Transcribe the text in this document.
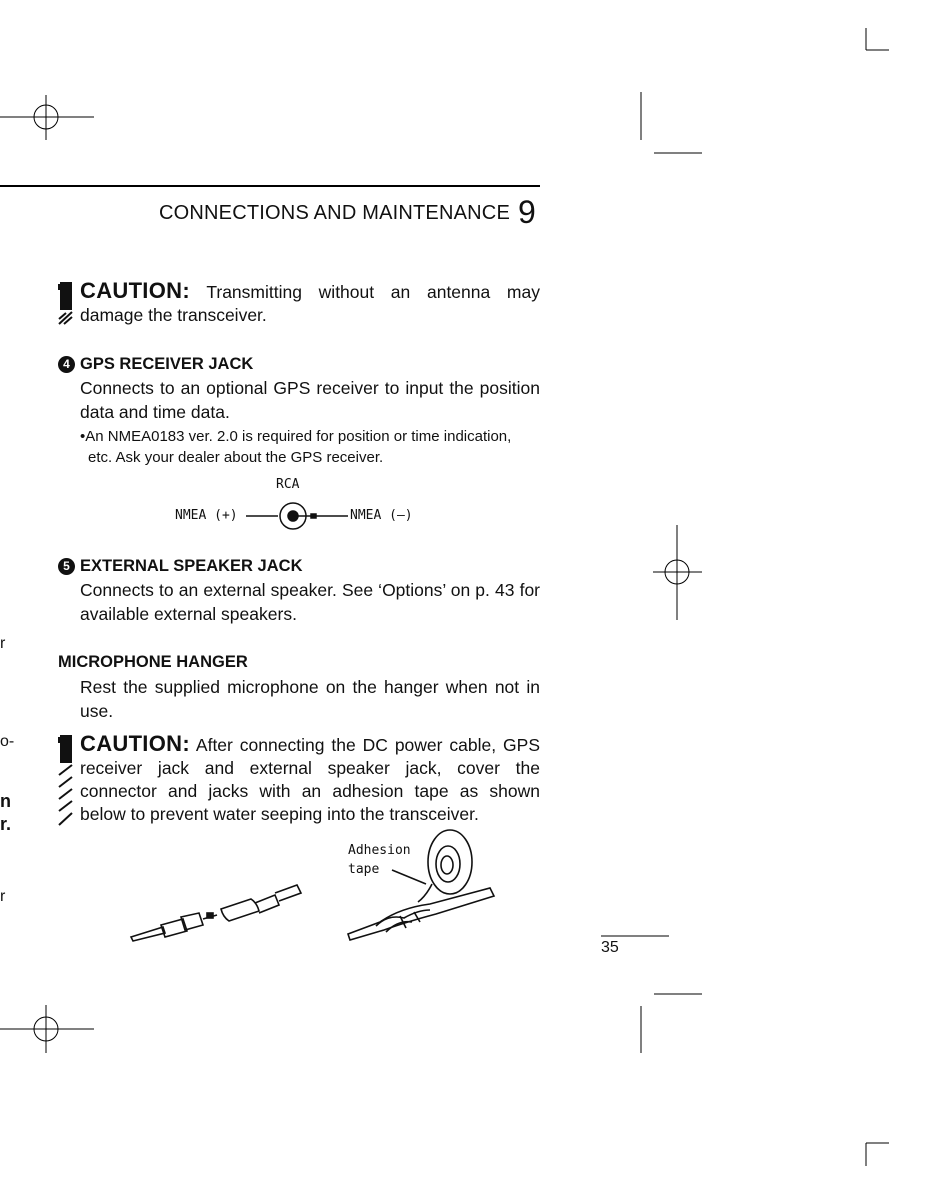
CONNECTIONS AND MAINTENANCE 9
CAUTION: Transmitting without an antenna may damage the transceiver.
4 GPS RECEIVER JACK
Connects to an optional GPS receiver to input the position data and time data.
•An NMEA0183 ver. 2.0 is required for position or time indication,
etc. Ask your dealer about the GPS receiver.
RCA
NMEA (+)	NMEA (–)
5 EXTERNAL SPEAKER JACK
Connects to an external speaker. See ‘Options’ on p. 43 for available external speakers.
MICROPHONE HANGER
Rest the supplied microphone on the hanger when not in use.
CAUTION: After connecting the DC power cable, GPS receiver jack and external speaker jack, cover the connector and jacks with an adhesion tape as shown below to prevent water seeping into the transceiver.
Adhesion
tape
r
o-
n
r.
r
35
